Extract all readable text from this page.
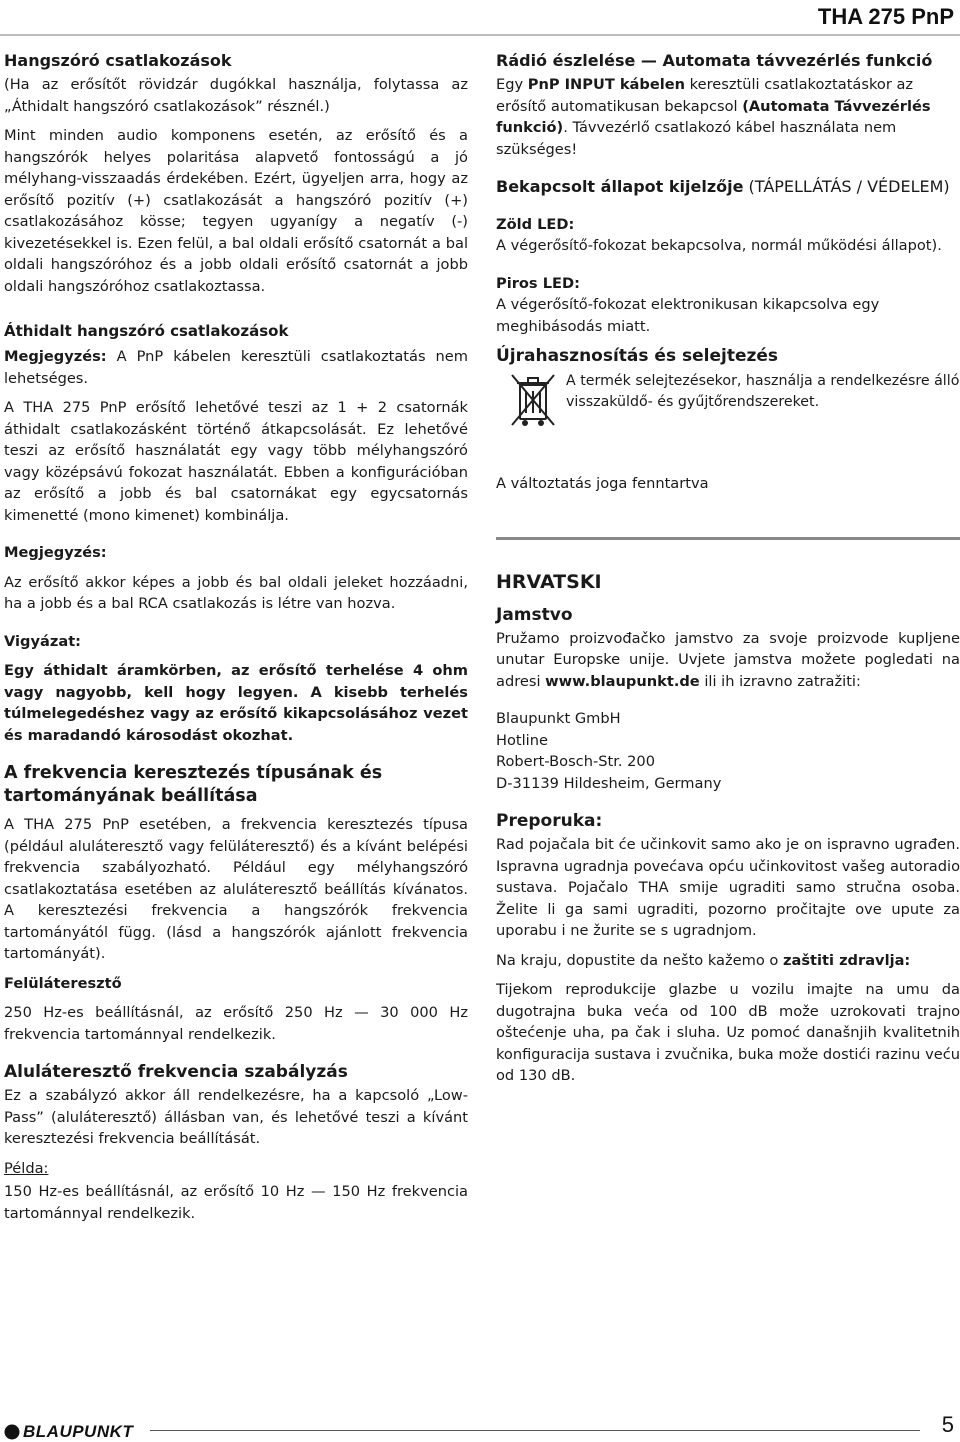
THA 275 PnP
Hangszóró csatlakozások

(Ha az erősítőt rövidzár dugókkal használja, folytassa az „Áthidalt hangszóró csatlakozások” résznél.)

Mint minden audio komponens esetén, az erősítő és a hangszórók helyes polaritása alapvető fontosságú a jó mélyhang-visszaadás érdekében. Ezért, ügyeljen arra, hogy az erősítő pozitív (+) csatlakozását a hangszóró pozitív (+) csatlakozásához kösse; tegyen ugyanígy a negatív (-) kivezetésekkel is. Ezen felül, a bal oldali erősítő csatornát a bal oldali hangszóróhoz és a jobb oldali erősítő csatornát a jobb oldali hangszóróhoz csatlakoztassa.

Áthidalt hangszóró csatlakozások

Megjegyzés: A PnP kábelen keresztüli csatlakoztatás nem lehetséges.

A THA 275 PnP erősítő lehetővé teszi az 1 + 2 csatornák áthidalt csatlakozásként történő átkapcsolását. Ez lehetővé teszi az erősítő használatát egy vagy több mélyhangszóró vagy középsávú fokozat használatát. Ebben a konfigurációban az erősítő a jobb és bal csatornákat egy egycsatornás kimenetté (mono kimenet) kombinálja.

Megjegyzés:

Az erősítő akkor képes a jobb és bal oldali jeleket hozzáadni, ha a jobb és a bal RCA csatlakozás is létre van hozva.

Vigyázat:

Egy áthidalt áramkörben, az erősítő terhelése 4 ohm vagy nagyobb, kell hogy legyen. A kisebb terhelés túlmelegedéshez vagy az erősítő kikapcsolásához vezet és maradandó károsodást okozhat.

A frekvencia keresztezés típusának és tartományának beállítása

A THA 275 PnP esetében, a frekvencia keresztezés típusa (például aluláteresztő vagy felüláteresztő) és a kívánt belépési frekvencia szabályozható. Például egy mélyhangszóró csatlakoztatása esetében az aluláteresztő beállítás kívánatos. A keresztezési frekvencia a hangszórók frekvencia tartományától függ. (lásd a hangszórók ajánlott frekvencia tartományát).

Felüláteresztő

250 Hz-es beállításnál, az erősítő 250 Hz — 30 000 Hz frekvencia tartománnyal rendelkezik.

Aluláteresztő frekvencia szabályzás

Ez a szabályzó akkor áll rendelkezésre, ha a kapcsoló „Low-Pass” (aluláteresztő) állásban van, és lehetővé teszi a kívánt keresztezési frekvencia beállítását.

Példa:

150 Hz-es beállításnál, az erősítő 10 Hz — 150 Hz frekvencia tartománnyal rendelkezik.

Rádió észlelése — Automata távvezérlés funkció

Egy PnP INPUT kábelen keresztüli csatlakoztatáskor az erősítő automatikusan bekapcsol (Automata Távvezérlés funkció). Távvezérlő csatlakozó kábel használata nem szükséges!

Bekapcsolt állapot kijelzője (TÁPELLÁTÁS / VÉDELEM)

Zöld LED:

A végerősítő-fokozat bekapcsolva, normál működési állapot).

Piros LED:

A végerősítő-fokozat elektronikusan kikapcsolva egy meghibásodás miatt.

Újrahasznosítás és selejtezés

A termék selejtezésekor, használja a rendelkezésre álló visszaküldő- és gyűjtőrendszereket.

A változtatás joga fenntartva

HRVATSKI
Jamstvo

Pružamo proizvođačko jamstvo za svoje proizvode kupljene unutar Europske unije. Uvjete jamstva možete pogledati na adresi www.blaupunkt.de ili ih izravno zatražiti:

Blaupunkt GmbH

Hotline

Robert-Bosch-Str. 200

D-31139 Hildesheim, Germany

Preporuka:

Rad pojačala bit će učinkovit samo ako je on ispravno ugrađen. Ispravna ugradnja povećava opću učinkovitost vašeg autoradio sustava. Pojačalo THA smije ugraditi samo stručna osoba. Želite li ga sami ugraditi, pozorno pročitajte ove upute za uporabu i ne žurite se s ugradnjom.

Na kraju, dopustite da nešto kažemo o zaštiti zdravlja:

Tijekom reprodukcije glazbe u vozilu imajte na umu da dugotrajna buka veća od 100 dB može uzrokovati trajno oštećenje uha, pa čak i sluha. Uz pomoć današnjih kvalitetnih konfiguracija sustava i zvučnika, buka može dostići razinu veću od 130 dB.

BLAUPUNKT	5
